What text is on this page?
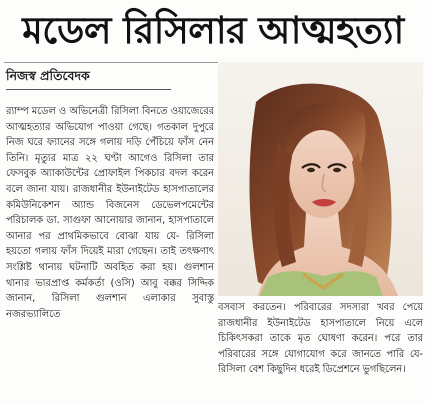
মডেল রিসিলার আত্মহত্যা
নিজস্ব প্রতিবেদক

র‍্যাম্প মডেল ও অভিনেত্রী রিসিলা বিনতে ওয়াজেরের আত্মহত্যার অভিযোগ পাওয়া গেছে। গতকাল দুপুরে নিজ ঘরে ফ্যানের সঙ্গে গলায় দড়ি পেঁচিয়ে ফাঁস নেন তিনি। মৃত্যুর মাত্র ২২ ঘণ্টা আগেও রিসিলা তার ফেসবুক অ্যাকাউন্টের প্রোফাইল পিকচার বদল করেন বলে জানা যায়। রাজধানীর ইউনাইটেড হাসপাতালের কমিউনিকেশন অ্যান্ড বিজনেস ডেভেলপমেন্টের পরিচালক ডা. সাগুফা আনোয়ার জানান, হাসপাতালে আনার পর প্রাথমিকভাবে বোঝা যায় যে- রিসিলা হয়তো গলায় ফাঁস দিয়েই মারা গেছেন। তাই তৎক্ষণাৎ সংশ্লিষ্ট থানায় ঘটনাটি অবহিত করা হয়। গুলশান থানার ভারপ্রাপ্ত কর্মকর্তা (ওসি) আবু বক্কর সিদ্দিক জানান, রিসিলা গুলশান এলাকার সুবাস্তু নজরভ্যালিতে

বসবাস করতেন। পরিবারের সদস্যরা খবর পেয়ে রাজধানীর ইউনাইটেড হাসপাতালে নিয়ে এলে চিকিৎসকরা তাকে মৃত ঘোষণা করেন। পরে তার পরিবারের সঙ্গে যোগাযোগ করে জানতে পারি যে- রিসিলা বেশ কিছুদিন ধরেই ডিপ্রেশনে ভুগছিলেন।
